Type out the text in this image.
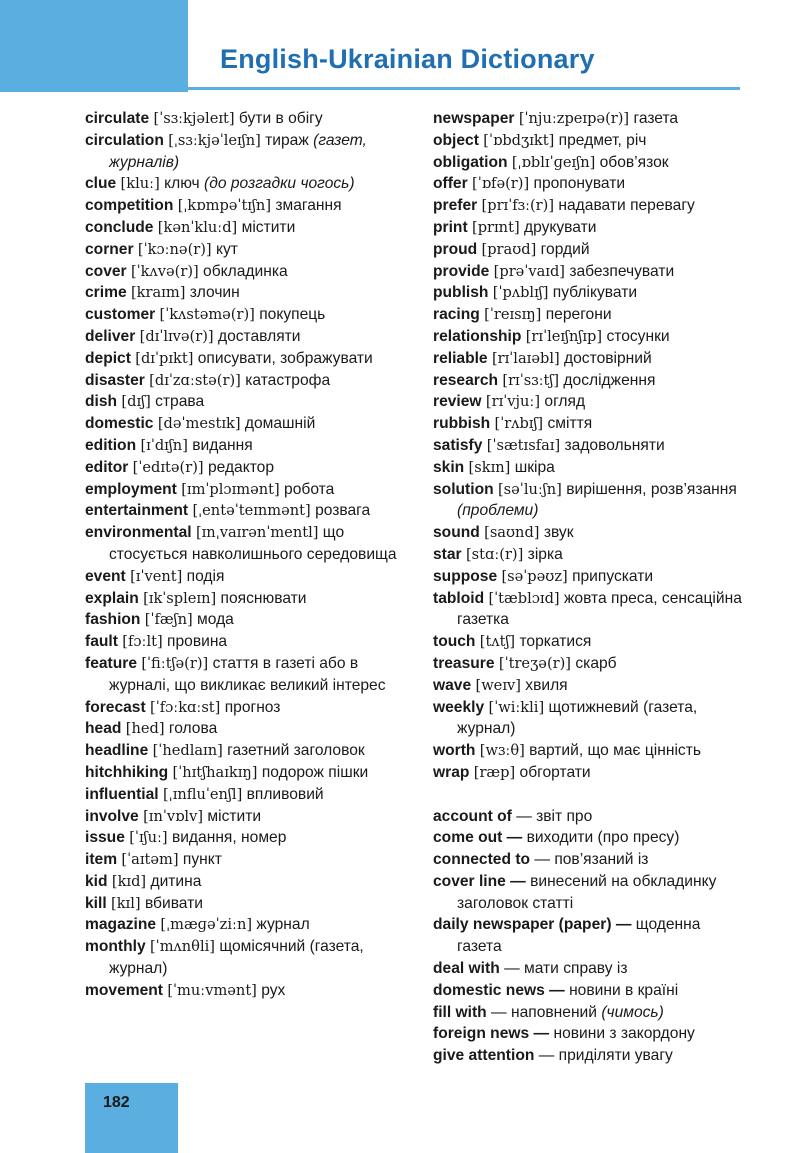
English-Ukrainian Dictionary
circulate [ˈsɜːkjəleɪt] бути в обігу
circulation [ˌsɜːkjəˈleɪʃn] тираж (газет, журналів)
clue [kluː] ключ (до розгадки чогось)
competition [ˌkɒmpəˈtɪʃn] змагання
conclude [kənˈkluːd] містити
corner [ˈkɔːnə(r)] кут
cover [ˈkʌvə(r)] обкладинка
crime [kraɪm] злочин
customer [ˈkʌstəmə(r)] покупець
deliver [dɪˈlɪvə(r)] доставляти
depict [dɪˈpɪkt] описувати, зображувати
disaster [dɪˈzɑːstə(r)] катастрофа
dish [dɪʃ] страва
domestic [dəˈmestɪk] домашній
edition [ɪˈdɪʃn] видання
editor [ˈedɪtə(r)] редактор
employment [ɪmˈplɔɪmənt] робота
entertainment [ˌentəˈteɪnmənt] розвага
environmental [ɪnˌvaɪrənˈmentl] що стосується навколишнього середовища
event [ɪˈvent] подія
explain [ɪkˈspleɪn] пояснювати
fashion [ˈfæʃn] мода
fault [fɔːlt] провина
feature [ˈfiːtʃə(r)] стаття в газеті або в журналі, що викликає великий інтерес
forecast [ˈfɔːkɑːst] прогноз
head [hed] голова
headline [ˈhedlaɪn] газетний заголовок
hitchhiking [ˈhɪtʃhaɪkɪŋ] подорож пішки
influential [ˌɪnfluˈenʃl] впливовий
involve [ɪnˈvɒlv] містити
issue [ˈɪʃuː] видання, номер
item [ˈaɪtəm] пункт
kid [kɪd] дитина
kill [kɪl] вбивати
magazine [ˌmæɡəˈziːn] журнал
monthly [ˈmʌnθli] щомісячний (газета, журнал)
movement [ˈmuːvmənt] рух
newspaper [ˈnjuːzpeɪpə(r)] газета
object [ˈɒbdʒɪkt] предмет, річ
obligation [ˌɒblɪˈɡeɪʃn] обов’язок
offer [ˈɒfə(r)] пропонувати
prefer [prɪˈfɜː(r)] надавати перевагу
print [prɪnt] друкувати
proud [praʊd] гордий
provide [prəˈvaɪd] забезпечувати
publish [ˈpʌblɪʃ] публікувати
racing [ˈreɪsɪŋ] перегони
relationship [rɪˈleɪʃnʃɪp] стосунки
reliable [rɪˈlaɪəbl] достовірний
research [rɪˈsɜːtʃ] дослідження
review [rɪˈvjuː] огляд
rubbish [ˈrʌbɪʃ] сміття
satisfy [ˈsætɪsfaɪ] задовольняти
skin [skɪn] шкіра
solution [səˈluːʃn] вирішення, розв’язання (проблеми)
sound [saʊnd] звук
star [stɑː(r)] зірка
suppose [səˈpəʊz] припускати
tabloid [ˈtæblɔɪd] жовта преса, сенсаційна газетка
touch [tʌtʃ] торкатися
treasure [ˈtreʒə(r)] скарб
wave [weɪv] хвиля
weekly [ˈwiːkli] щотижневий (газета, журнал)
worth [wɜːθ] вартий, що має цінність
wrap [ræp] обгортати
account of — звіт про
come out — виходити (про пресу)
connected to — пов’язаний із
cover line — винесений на обкладинку заголовок статті
daily newspaper (paper) — щоденна газета
deal with — мати справу із
domestic news — новини в країні
fill with — наповнений (чимось)
foreign news — новини з закордону
give attention — приділяти увагу
182
